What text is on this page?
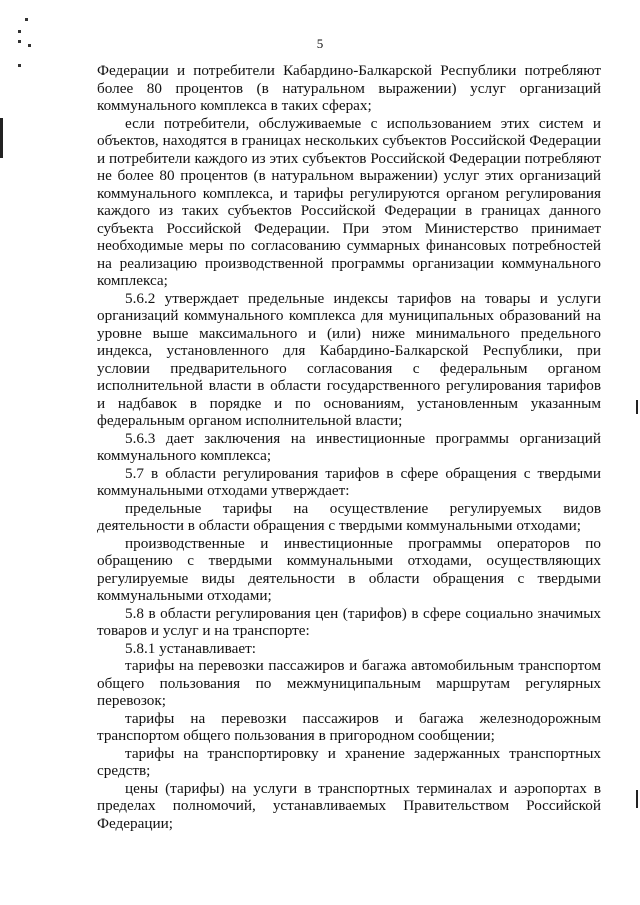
5

Федерации и потребители Кабардино-Балкарской Республики потребляют более 80 процентов (в натуральном выражении) услуг организаций коммунального комплекса в таких сферах;

если потребители, обслуживаемые с использованием этих систем и объектов, находятся в границах нескольких субъектов Российской Федерации и потребители каждого из этих субъектов Российской Федерации потребляют не более 80 процентов (в натуральном выражении) услуг этих организаций коммунального комплекса, и тарифы регулируются органом регулирования каждого из таких субъектов Российской Федерации в границах данного субъекта Российской Федерации. При этом Министерство принимает необходимые меры по согласованию суммарных финансовых потребностей на реализацию производственной программы организации коммунального комплекса;

5.6.2 утверждает предельные индексы тарифов на товары и услуги организаций коммунального комплекса для муниципальных образований на уровне выше максимального и (или) ниже минимального предельного индекса, установленного для Кабардино-Балкарской Республики, при условии предварительного согласования с федеральным органом исполнительной власти в области государственного регулирования тарифов и надбавок в порядке и по основаниям, установленным указанным федеральным органом исполнительной власти;

5.6.3 дает заключения на инвестиционные программы организаций коммунального комплекса;

5.7 в области регулирования тарифов в сфере обращения с твердыми коммунальными отходами утверждает:

предельные тарифы на осуществление регулируемых видов деятельности в области обращения с твердыми коммунальными отходами;

производственные и инвестиционные программы операторов по обращению с твердыми коммунальными отходами, осуществляющих регулируемые виды деятельности в области обращения с твердыми коммунальными отходами;

5.8 в области регулирования цен (тарифов) в сфере социально значимых товаров и услуг и на транспорте:

5.8.1 устанавливает:

тарифы на перевозки пассажиров и багажа автомобильным транспортом общего пользования по межмуниципальным маршрутам регулярных перевозок;

тарифы на перевозки пассажиров и багажа железнодорожным транспортом общего пользования в пригородном сообщении;

тарифы на транспортировку и хранение задержанных транспортных средств;

цены (тарифы) на услуги в транспортных терминалах и аэропортах в пределах полномочий, устанавливаемых Правительством Российской Федерации;
